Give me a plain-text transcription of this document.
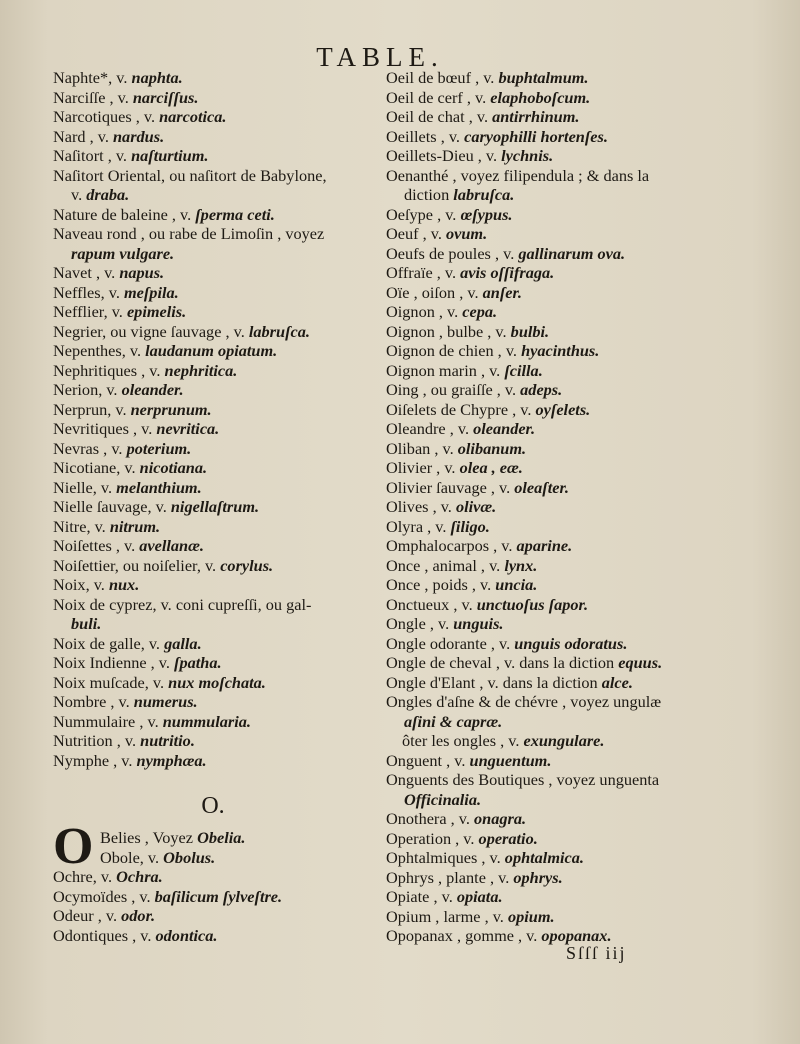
TABLE.
Naphte*, v. naphta.
Narciſſe , v. narciſſus.
Narcotiques , v. narcotica.
Nard , v. nardus.
Naſitort , v. naſturtium.
Naſitort Oriental, ou naſitort de Babylone,
v. draba.
Nature de baleine , v. ſperma ceti.
Naveau rond , ou rabe de Limoſin , voyez
rapum vulgare.
Navet , v. napus.
Neffles, v. meſpila.
Nefflier, v. epimelis.
Negrier, ou vigne ſauvage , v. labruſca.
Nepenthes, v. laudanum opiatum.
Nephritiques , v. nephritica.
Nerion, v. oleander.
Nerprun, v. nerprunum.
Nevritiques , v. nevritica.
Nevras , v. poterium.
Nicotiane, v. nicotiana.
Nielle, v. melanthium.
Nielle ſauvage, v. nigellaſtrum.
Nitre, v. nitrum.
Noiſettes , v. avellanæ.
Noiſettier, ou noiſelier, v. corylus.
Noix, v. nux.
Noix de cyprez, v. coni cupreſſi, ou gal-
buli.
Noix de galle, v. galla.
Noix Indienne , v. ſpatha.
Noix muſcade, v. nux moſchata.
Nombre , v. numerus.
Nummulaire , v. nummularia.
Nutrition , v. nutritio.
Nymphe , v. nymphæa.
O.
O Belies , Voyez Obelia.
Obole, v. Obolus.
Ochre, v. Ochra.
Ocymoïdes , v. baſilicum ſylveſtre.
Odeur , v. odor.
Odontiques , v. odontica.
Oeil de bœuf , v. buphtalmum.
Oeil de cerf , v. elaphoboſcum.
Oeil de chat , v. antirrhinum.
Oeillets , v. caryophilli hortenſes.
Oeillets-Dieu , v. lychnis.
Oenanthé , voyez filipendula ; & dans la
diction labruſca.
Oeſype , v. œſypus.
Oeuf , v. ovum.
Oeufs de poules , v. gallinarum ova.
Offraïe , v. avis oſſifraga.
Oïe , oiſon , v. anſer.
Oignon , v. cepa.
Oignon , bulbe , v. bulbi.
Oignon de chien , v. hyacinthus.
Oignon marin , v. ſcilla.
Oing , ou graiſſe , v. adeps.
Oiſelets de Chypre , v. oyſelets.
Oleandre , v. oleander.
Oliban , v. olibanum.
Olivier , v. olea , eæ.
Olivier ſauvage , v. oleaſter.
Olives , v. olivæ.
Olyra , v. ſiligo.
Omphalocarpos , v. aparine.
Once , animal , v. lynx.
Once , poids , v. uncia.
Onctueux , v. unctuoſus ſapor.
Ongle , v. unguis.
Ongle odorante , v. unguis odoratus.
Ongle de cheval , v. dans la diction equus.
Ongle d'Elant , v. dans la diction alce.
Ongles d'aſne & de chévre , voyez ungulæ
aſini & capræ.
ôter les ongles , v. exungulare.
Onguent , v. unguentum.
Onguents des Boutiques , voyez unguenta
Officinalia.
Onothera , v. onagra.
Operation , v. operatio.
Ophtalmiques , v. ophtalmica.
Ophrys , plante , v. ophrys.
Opiate , v. opiata.
Opium , larme , v. opium.
Opopanax , gomme , v. opopanax.
Sſſſ iij
